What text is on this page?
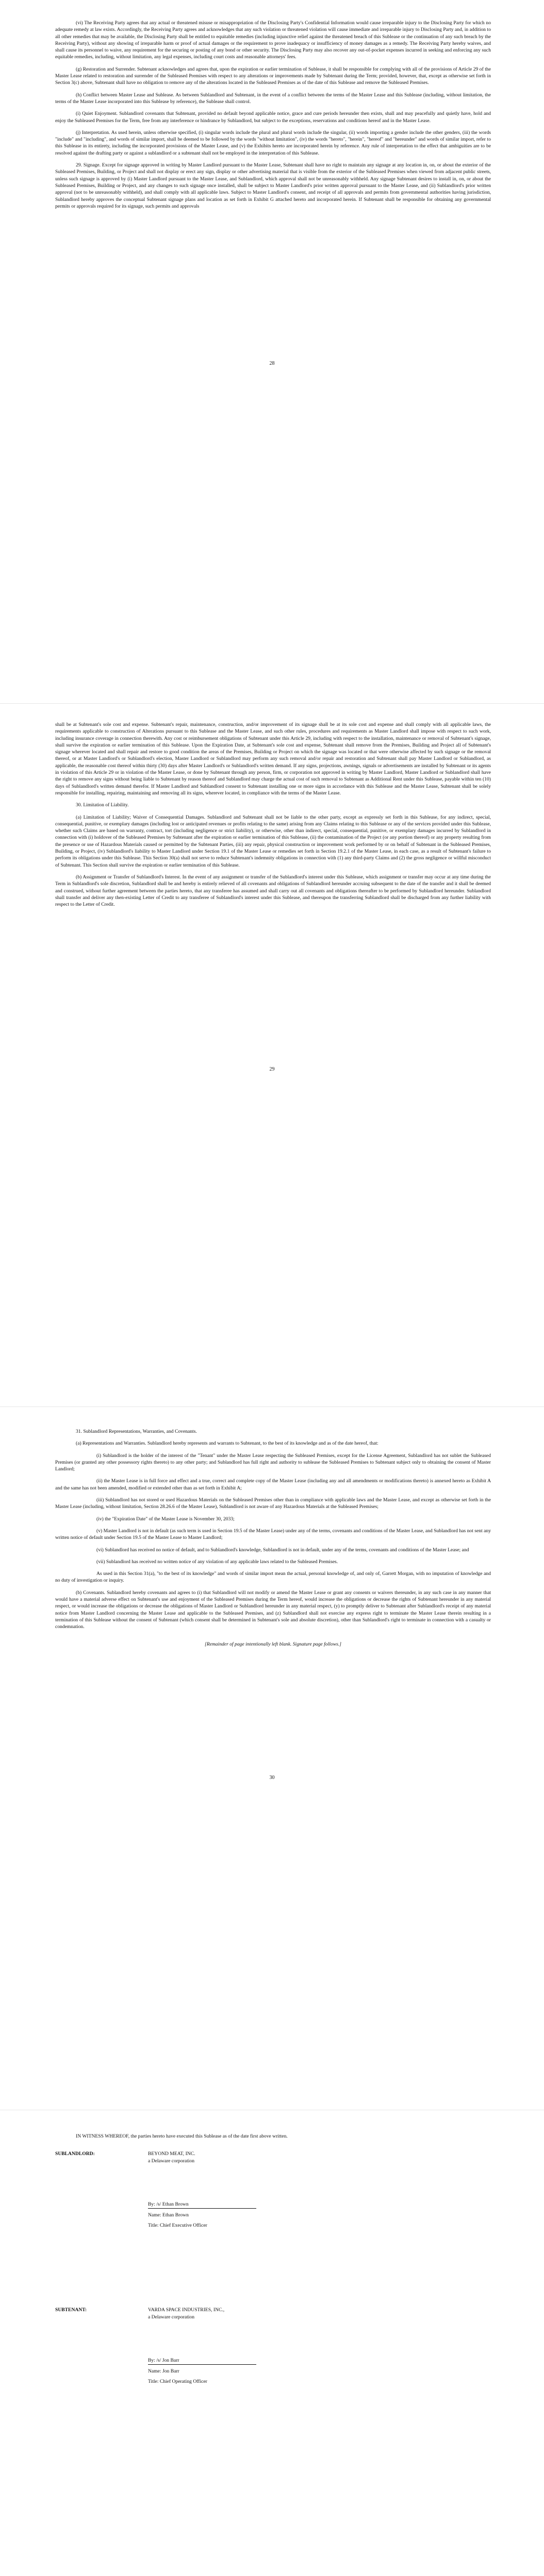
(vi) The Receiving Party agrees that any actual or threatened misuse or misappropriation of the Disclosing Party's Confidential Information would cause irreparable injury to the Disclosing Party for which no adequate remedy at law exists. Accordingly, the Receiving Party agrees and acknowledges that any such violation or threatened violation will cause immediate and irreparable injury to Disclosing Party and, in addition to all other remedies that may be available, the Disclosing Party shall be entitled to equitable remedies (including injunctive relief against the threatened breach of this Sublease or the continuation of any such breach by the Receiving Party), without any showing of irreparable harm or proof of actual damages or the requirement to prove inadequacy or insufficiency of money damages as a remedy. The Receiving Party hereby waives, and shall cause its personnel to waive, any requirement for the securing or posting of any bond or other security. The Disclosing Party may also recover any out-of-pocket expenses incurred in seeking and enforcing any such equitable remedies, including, without limitation, any legal expenses, including court costs and reasonable attorneys' fees.

(g) Restoration and Surrender. Subtenant acknowledges and agrees that, upon the expiration or earlier termination of Sublease, it shall be responsible for complying with all of the provisions of Article 29 of the Master Lease related to restoration and surrender of the Subleased Premises with respect to any alterations or improvements made by Subtenant during the Term; provided, however, that, except as otherwise set forth in Section 3(c) above, Subtenant shall have no obligation to remove any of the alterations located in the Subleased Premises as of the date of this Sublease and remove the Subleased Premises.

(h) Conflict between Master Lease and Sublease. As between Sublandlord and Subtenant, in the event of a conflict between the terms of the Master Lease and this Sublease (including, without limitation, the terms of the Master Lease incorporated into this Sublease by reference), the Sublease shall control.

(i) Quiet Enjoyment. Sublandlord covenants that Subtenant, provided no default beyond applicable notice, grace and cure periods hereunder then exists, shall and may peacefully and quietly have, hold and enjoy the Subleased Premises for the Term, free from any interference or hindrance by Sublandlord, but subject to the exceptions, reservations and conditions hereof and in the Master Lease.

(j) Interpretation. As used herein, unless otherwise specified, (i) singular words include the plural and plural words include the singular, (ii) words importing a gender include the other genders, (iii) the words "include" and "including", and words of similar import, shall be deemed to be followed by the words "without limitation", (iv) the words "hereto", "herein", "hereof" and "hereunder" and words of similar import, refer to this Sublease in its entirety, including the incorporated provisions of the Master Lease, and (v) the Exhibits hereto are incorporated herein by reference. Any rule of interpretation to the effect that ambiguities are to be resolved against the drafting party or against a sublandlord or a subtenant shall not be employed in the interpretation of this Sublease.

29. Signage. Except for signage approved in writing by Master Landlord pursuant to the Master Lease, Subtenant shall have no right to maintain any signage at any location in, on, or about the exterior of the Subleased Premises, Building, or Project and shall not display or erect any sign, display or other advertising material that is visible from the exterior of the Subleased Premises when viewed from adjacent public streets, unless such signage is approved by (i) Master Landlord pursuant to the Master Lease, and Sublandlord, which approval shall not be unreasonably withheld. Any signage Subtenant desires to install in, on, or about the Subleased Premises, Building or Project, and any changes to such signage once installed, shall be subject to Master Landlord's prior written approval pursuant to the Master Lease, and (ii) Sublandlord's prior written approval (not to be unreasonably withheld), and shall comply with all applicable laws. Subject to Master Landlord's consent, and receipt of all approvals and permits from governmental authorities having jurisdiction, Sublandlord hereby approves the conceptual Subtenant signage plans and location as set forth in Exhibit G attached hereto and incorporated herein. If Subtenant shall be responsible for obtaining any governmental permits or approvals required for its signage, such permits and approvals

28

shall be at Subtenant's sole cost and expense. Subtenant's repair, maintenance, construction, and/or improvement of its signage shall be at its sole cost and expense and shall comply with all applicable laws, the requirements applicable to construction of Alterations pursuant to this Sublease and the Master Lease, and such other rules, procedures and requirements as Master Landlord shall impose with respect to such work, including insurance coverage in connection therewith. Any cost or reimbursement obligations of Subtenant under this Article 29, including with respect to the installation, maintenance or removal of Subtenant's signage, shall survive the expiration or earlier termination of this Sublease. Upon the Expiration Date, at Subtenant's sole cost and expense, Subtenant shall remove from the Premises, Building and Project all of Subtenant's signage wherever located and shall repair and restore to good condition the areas of the Premises, Building or Project on which the signage was located or that were otherwise affected by such signage or the removal thereof, or at Master Landlord's or Sublandlord's election, Master Landlord or Sublandlord may perform any such removal and/or repair and restoration and Subtenant shall pay Master Landlord or Sublandlord, as applicable, the reasonable cost thereof within thirty (30) days after Master Landlord's or Sublandlord's written demand. If any signs, projections, awnings, signals or advertisements are installed by Subtenant or its agents in violation of this Article 29 or in violation of the Master Lease, or done by Subtenant through any person, firm, or corporation not approved in writing by Master Landlord, Master Landlord or Sublandlord shall have the right to remove any signs without being liable to Subtenant by reason thereof and Sublandlord may charge the actual cost of such removal to Subtenant as Additional Rent under this Sublease, payable within ten (10) days of Sublandlord's written demand therefor. If Master Landlord and Sublandlord consent to Subtenant installing one or more signs in accordance with this Sublease and the Master Lease, Subtenant shall be solely responsible for installing, repairing, maintaining and removing all its signs, wherever located, in compliance with the terms of the Master Lease.

30. Limitation of Liability.

(a) Limitation of Liability; Waiver of Consequential Damages. Sublandlord and Subtenant shall not be liable to the other party, except as expressly set forth in this Sublease, for any indirect, special, consequential, punitive, or exemplary damages (including lost or anticipated revenues or profits relating to the same) arising from any Claims relating to this Sublease or any of the services provided under this Sublease, whether such Claims are based on warranty, contract, tort (including negligence or strict liability), or otherwise, other than indirect, special, consequential, punitive, or exemplary damages incurred by Sublandlord in connection with (i) holdover of the Subleased Premises by Subtenant after the expiration or earlier termination of this Sublease, (ii) the contamination of the Project (or any portion thereof) or any property resulting from the presence or use of Hazardous Materials caused or permitted by the Subtenant Parties, (iii) any repair, physical construction or improvement work performed by or on behalf of Subtenant in the Subleased Premises, Building, or Project, (iv) Sublandlord's liability to Master Landlord under Section 19.1 of the Master Lease or remedies set forth in Section 19.2.1 of the Master Lease, in each case, as a result of Subtenant's failure to perform its obligations under this Sublease. This Section 30(a) shall not serve to reduce Subtenant's indemnity obligations in connection with (1) any third-party Claims and (2) the gross negligence or willful misconduct of Subtenant. This Section shall survive the expiration or earlier termination of this Sublease.

(b) Assignment or Transfer of Sublandlord's Interest. In the event of any assignment or transfer of the Sublandlord's interest under this Sublease, which assignment or transfer may occur at any time during the Term in Sublandlord's sole discretion, Sublandlord shall be and hereby is entirely relieved of all covenants and obligations of Sublandlord hereunder accruing subsequent to the date of the transfer and it shall be deemed and construed, without further agreement between the parties hereto, that any transferee has assumed and shall carry out all covenants and obligations thereafter to be performed by Sublandlord hereunder. Sublandlord shall transfer and deliver any then-existing Letter of Credit to any transferee of Sublandlord's interest under this Sublease, and thereupon the transferring Sublandlord shall be discharged from any further liability with respect to the Letter of Credit.

29

31. Sublandlord Representations, Warranties, and Covenants.

(a) Representations and Warranties. Sublandlord hereby represents and warrants to Subtenant, to the best of its knowledge and as of the date hereof, that:

(i) Sublandlord is the holder of the interest of the "Tenant" under the Master Lease respecting the Subleased Premises, except for the License Agreement, Sublandlord has not sublet the Subleased Premises (or granted any other possessory rights thereto) to any other party; and Sublandlord has full right and authority to sublease the Subleased Premises to Subtenant subject only to obtaining the consent of Master Landlord;

(ii) the Master Lease is in full force and effect and a true, correct and complete copy of the Master Lease (including any and all amendments or modifications thereto) is annexed hereto as Exhibit A and the same has not been amended, modified or extended other than as set forth in Exhibit A;

(iii) Sublandlord has not stored or used Hazardous Materials on the Subleased Premises other than in compliance with applicable laws and the Master Lease, and except as otherwise set forth in the Master Lease (including, without limitation, Section 28.26.6 of the Master Lease), Sublandlord is not aware of any Hazardous Materials at the Subleased Premises;

(iv) the "Expiration Date" of the Master Lease is November 30, 2033;

(v) Master Landlord is not in default (as such term is used in Section 19.5 of the Master Lease) under any of the terms, covenants and conditions of the Master Lease, and Sublandlord has not sent any written notice of default under Section 19.5 of the Master Lease to Master Landlord;

(vi) Sublandlord has received no notice of default, and to Sublandlord's knowledge, Sublandlord is not in default, under any of the terms, covenants and conditions of the Master Lease; and

(vii) Sublandlord has received no written notice of any violation of any applicable laws related to the Subleased Premises.

As used in this Section 31(a), "to the best of its knowledge" and words of similar import mean the actual, personal knowledge of, and only of, Garrett Morgan, with no imputation of knowledge and no duty of investigation or inquiry.

(b) Covenants. Sublandlord hereby covenants and agrees to (i) that Sublandlord will not modify or amend the Master Lease or grant any consents or waivers thereunder, in any such case in any manner that would have a material adverse effect on Subtenant's use and enjoyment of the Subleased Premises during the Term hereof, would increase the obligations or decrease the rights of Subtenant hereunder in any material respect, or would increase the obligations or decrease the obligations of Master Landlord or Sublandlord hereunder in any material respect, (y) to promptly deliver to Subtenant after Sublandlord's receipt of any material notice from Master Landlord concerning the Master Lease and applicable to the Subleased Premises, and (z) Sublandlord shall not exercise any express right to terminate the Master Lease therein resulting in a termination of this Sublease without the consent of Subtenant (which consent shall be determined in Subtenant's sole and absolute discretion), other than Sublandlord's right to terminate in connection with a casualty or condemnation.

[Remainder of page intentionally left blank. Signature page follows.]

30
IN WITNESS WHEREOF, the parties hereto have executed this Sublease as of the date first above written.
SUBLANDLORD:	BEYOND MEAT, INC.
a Delaware corporation
By: /s/ Ethan Brown
Name: Ethan Brown
Title: Chief Executive Officer
SUBTENANT:	VARDA SPACE INDUSTRIES, INC.,
a Delaware corporation
By: /s/ Jon Barr
Name: Jon Barr
Title: Chief Operating Officer
